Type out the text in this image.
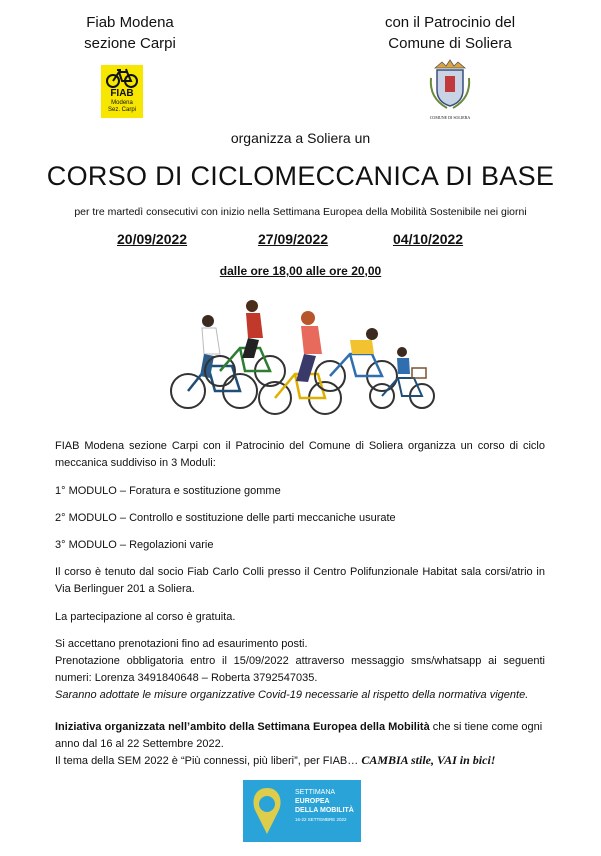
Fiab Modena
sezione Carpi
con il Patrocinio del
Comune di Soliera
FIAB
Modena
Sez. Carpi
COMUNE DI SOLIERA
organizza a Soliera un
CORSO DI CICLOMECCANICA DI BASE
per tre martedì consecutivi con inizio nella Settimana Europea della Mobilità Sostenibile nei giorni
20/09/2022	27/09/2022	04/10/2022
dalle ore 18,00 alle ore 20,00
FIAB Modena sezione Carpi con il Patrocinio del Comune di Soliera organizza un corso di ciclo meccanica suddiviso in 3 Moduli:
1° MODULO – Foratura e sostituzione gomme
2° MODULO – Controllo e sostituzione delle parti meccaniche usurate
3° MODULO – Regolazioni varie
Il corso è tenuto dal socio Fiab Carlo Colli presso il Centro Polifunzionale Habitat sala corsi/atrio in Via Berlinguer 201 a Soliera.
La partecipazione al corso è gratuita.
Si accettano prenotazioni fino ad esaurimento posti.
Prenotazione obbligatoria entro il 15/09/2022 attraverso messaggio sms/whatsapp ai seguenti numeri: Lorenza 3491840648 – Roberta 3792547035.
Saranno adottate le misure organizzative Covid-19 necessarie al rispetto della normativa vigente.
Iniziativa organizzata nell’ambito della Settimana Europea della Mobilità che si tiene come ogni anno dal 16 al 22 Settembre 2022.
Il tema della SEM 2022 è “Più connessi, più liberi”, per FIAB… CAMBIA stile, VAI in bici!
SETTIMANA
EUROPEA
DELLA MOBILITÀ
16-22 SETTEMBRE 2022
